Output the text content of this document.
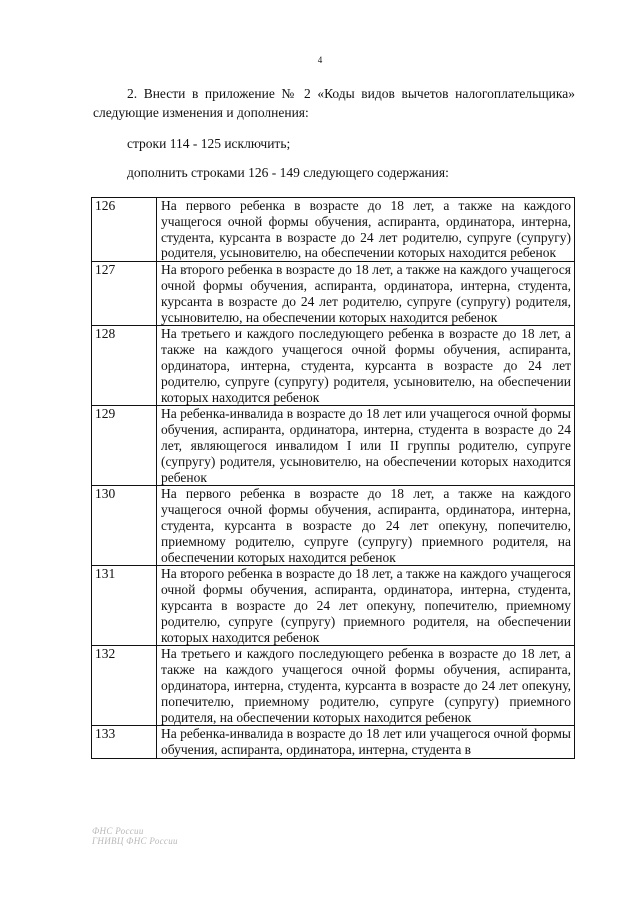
4

2. Внести в приложение № 2 «Коды видов вычетов налогоплательщика» следующие изменения и дополнения:

строки 114 - 125 исключить;

дополнить строками 126 - 149 следующего содержания:

126	На первого ребенка в возрасте до 18 лет, а также на каждого учащегося очной формы обучения, аспиранта, ординатора, интерна, студента, курсанта в возрасте до 24 лет родителю, супруге (супругу) родителя, усыновителю, на обеспечении которых находится ребенок
127	На второго ребенка в возрасте до 18 лет, а также на каждого учащегося очной формы обучения, аспиранта, ординатора, интерна, студента, курсанта в возрасте до 24 лет родителю, супруге (супругу) родителя, усыновителю, на обеспечении которых находится ребенок
128	На третьего и каждого последующего ребенка в возрасте до 18 лет, а также на каждого учащегося очной формы обучения, аспиранта, ординатора, интерна, студента, курсанта в возрасте до 24 лет родителю, супруге (супругу) родителя, усыновителю, на обеспечении которых находится ребенок
129	На ребенка-инвалида в возрасте до 18 лет или учащегося очной формы обучения, аспиранта, ординатора, интерна, студента в возрасте до 24 лет, являющегося инвалидом I или II группы родителю, супруге (супругу) родителя, усыновителю, на обеспечении которых находится ребенок
130	На первого ребенка в возрасте до 18 лет, а также на каждого учащегося очной формы обучения, аспиранта, ординатора, интерна, студента, курсанта в возрасте до 24 лет опекуну, попечителю, приемному родителю, супруге (супругу) приемного родителя, на обеспечении которых находится ребенок
131	На второго ребенка в возрасте до 18 лет, а также на каждого учащегося очной формы обучения, аспиранта, ординатора, интерна, студента, курсанта в возрасте до 24 лет опекуну, попечителю, приемному родителю, супруге (супругу) приемного родителя, на обеспечении которых находится ребенок
132	На третьего и каждого последующего ребенка в возрасте до 18 лет, а также на каждого учащегося очной формы обучения, аспиранта, ординатора, интерна, студента, курсанта в возрасте до 24 лет опекуну, попечителю, приемному родителю, супруге (супругу) приемного родителя, на обеспечении которых находится ребенок
133	На ребенка-инвалида в возрасте до 18 лет или учащегося очной формы обучения, аспиранта, ординатора, интерна, студента в
ФНС России
ГНИВЦ ФНС России
